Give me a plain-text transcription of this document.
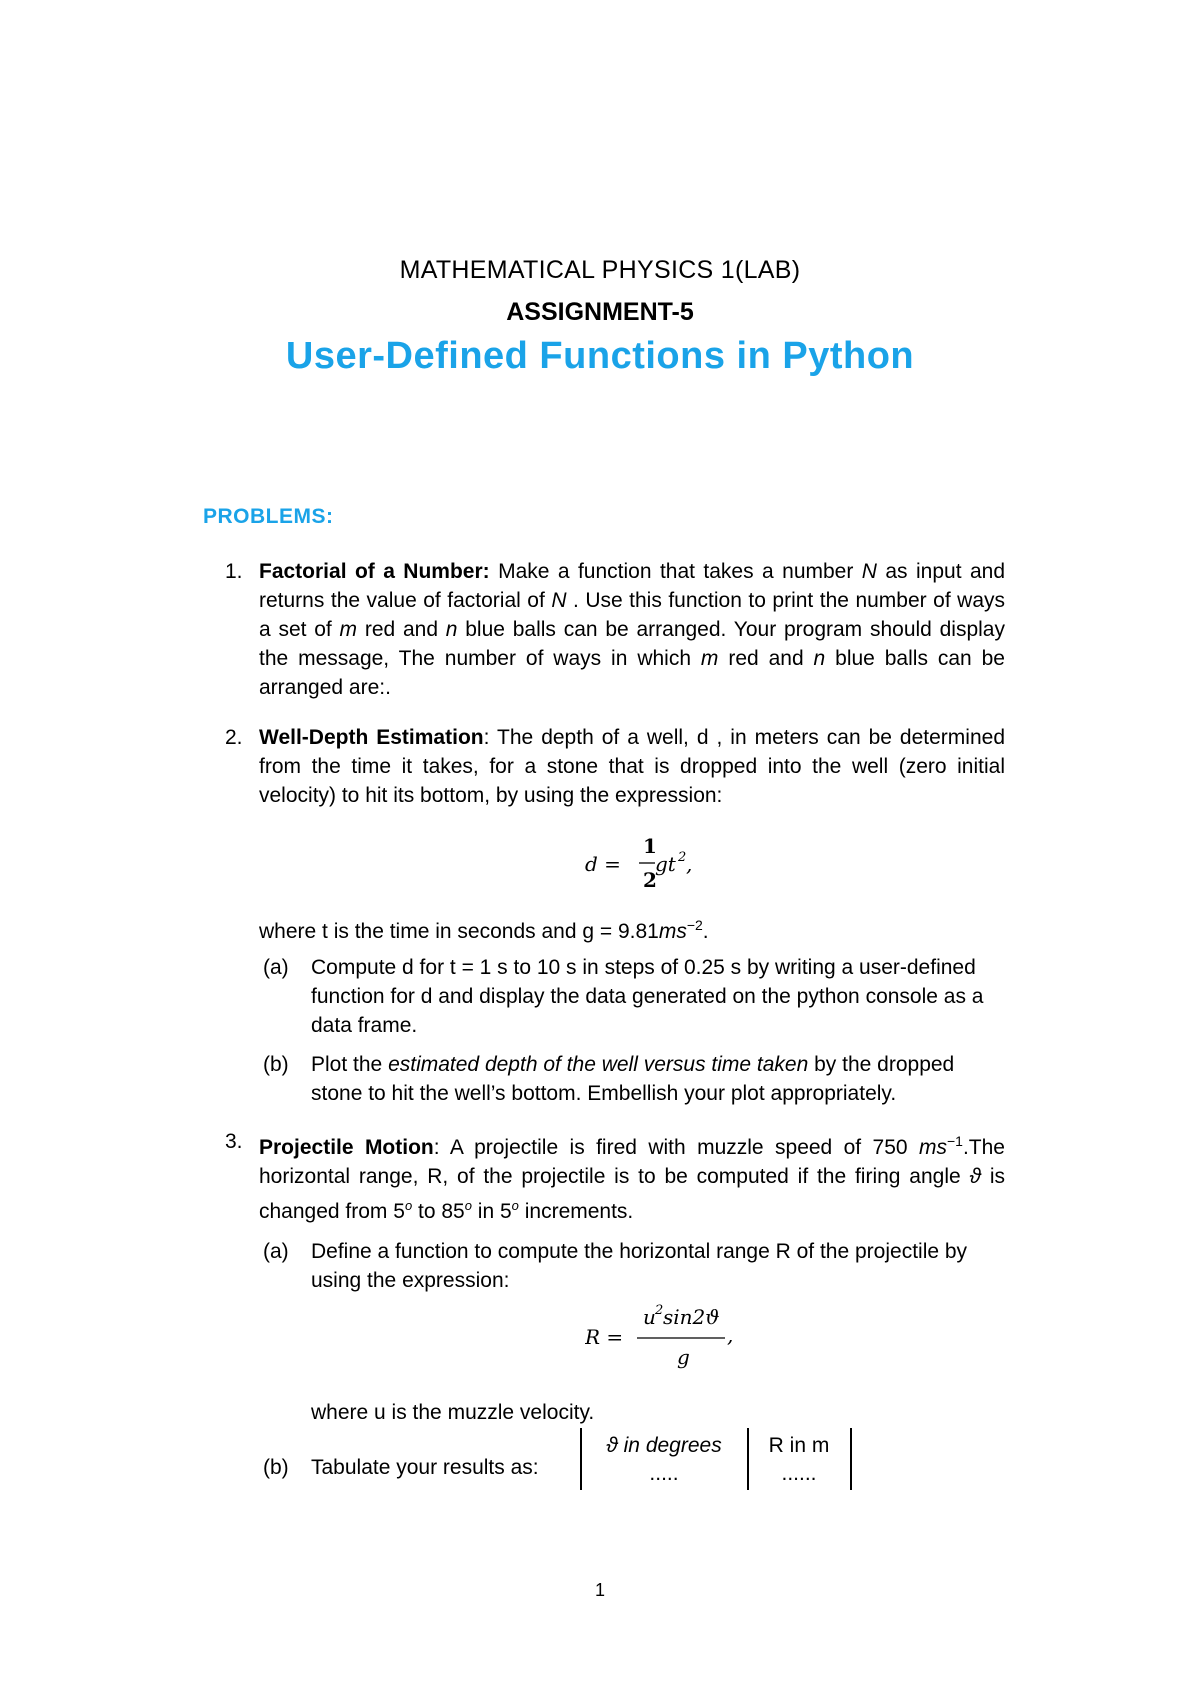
MATHEMATICAL PHYSICS 1(LAB)
ASSIGNMENT-5
User-Defined Functions in Python
PROBLEMS:
1. Factorial of a Number: Make a function that takes a number N as input and returns the value of factorial of N . Use this function to print the number of ways a set of m red and n blue balls can be arranged. Your program should display the message, The number of ways in which m red and n blue balls can be arranged are:.
2. Well-Depth Estimation: The depth of a well, d , in meters can be determined from the time it takes, for a stone that is dropped into the well (zero initial velocity) to hit its bottom, by using the expression:
d =
1
2
gt 2 ,
where t is the time in seconds and $g = 9.81ms^{-2}$.
(a) Compute d for t = 1 s to 10 s in steps of 0.25 s by writing a user-defined function for d and display the data generated on the python console as a data frame.
(b) Plot the estimated depth of the well versus time taken by the dropped stone to hit the well’s bottom. Embellish your plot appropriately.
3. Projectile Motion: A projectile is fired with muzzle speed of 750 $ms^{-1}.The$ horizontal range, R, of the projectile is to be computed if the firing angle ϑ is changed from 5$^o$ to 85$^o$ in 5$^o$ increments.
(a) Define a function to compute the horizontal range R of the projectile by using the expression:
R =
u 2 sin2ϑ
g
,
where u is the muzzle velocity.
(b) Tabulate your results as:
ϑ in degrees
.....
R in m
......
1
